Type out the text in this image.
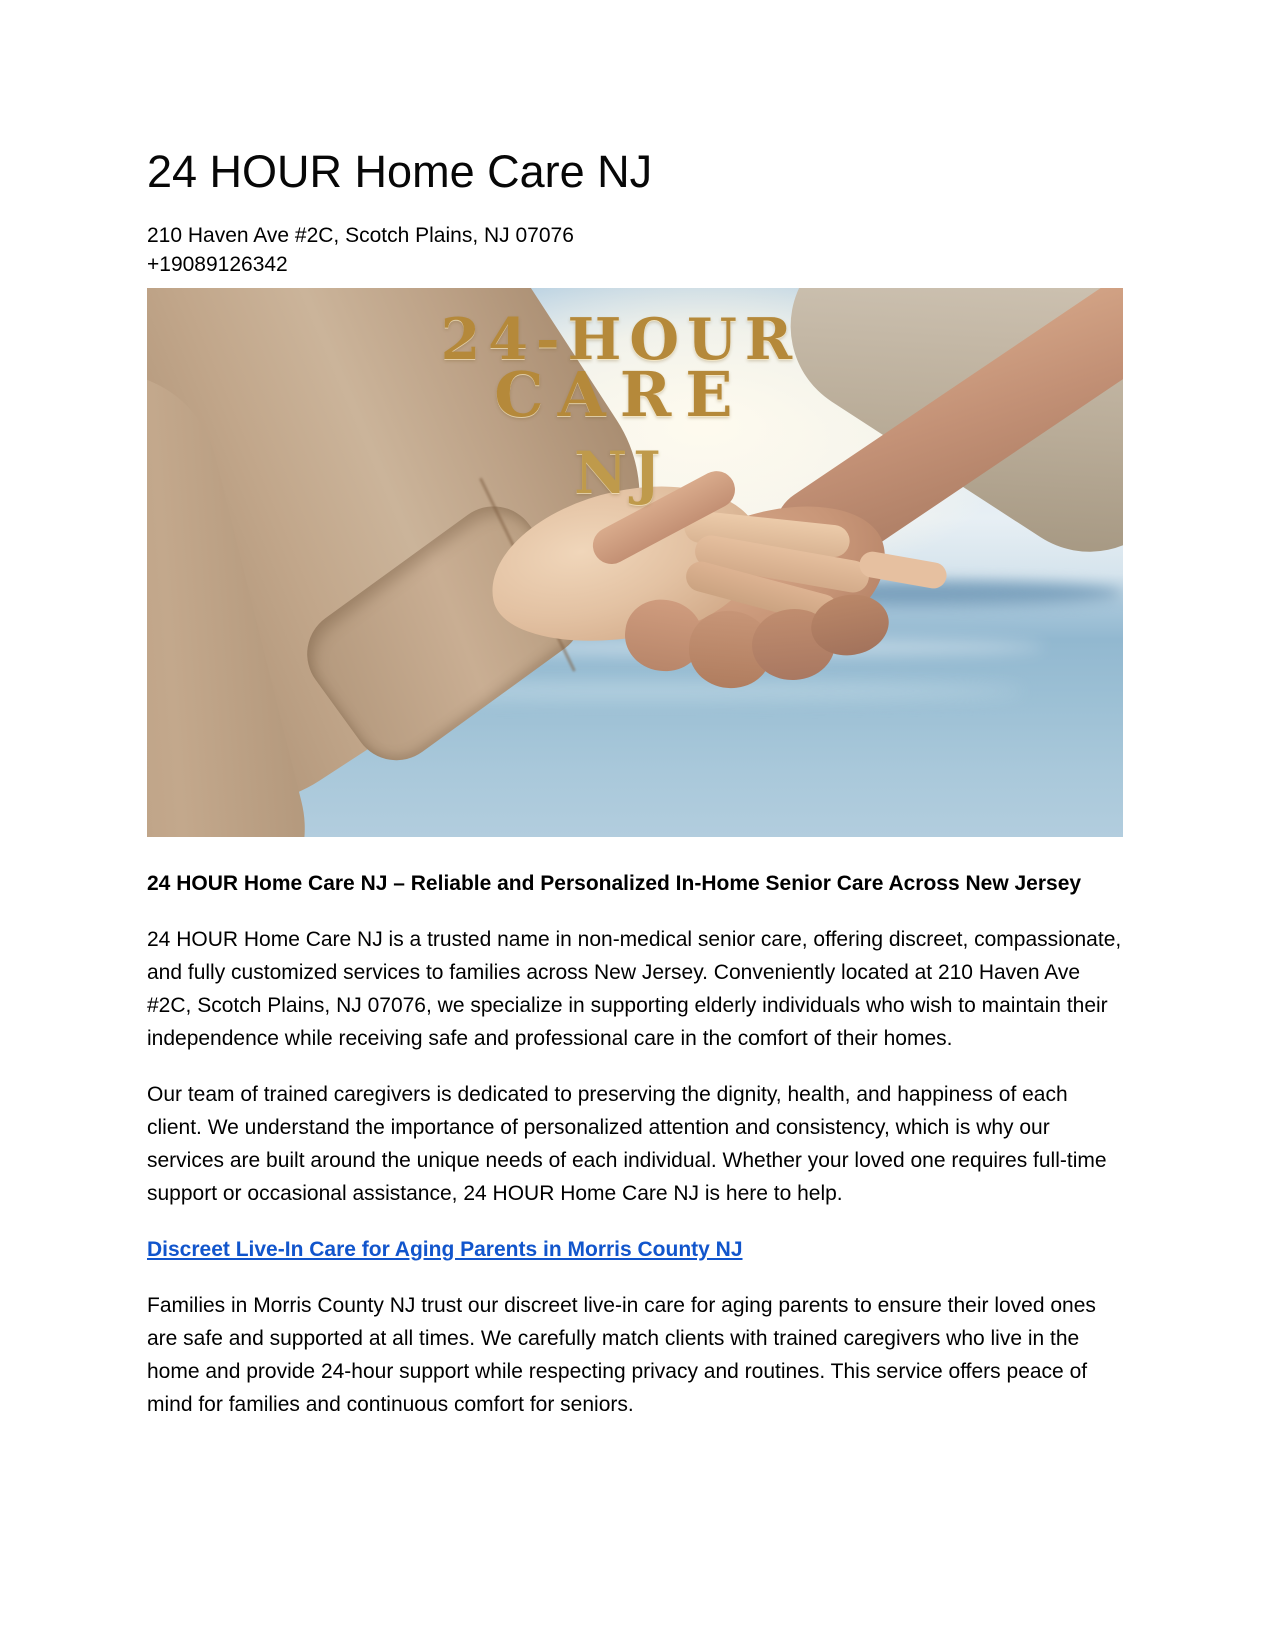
24 HOUR Home Care NJ
210 Haven Ave #2C, Scotch Plains, NJ 07076
+19089126342
24-HOUR
CARE
NJ
24 HOUR Home Care NJ – Reliable and Personalized In-Home Senior Care Across New Jersey

24 HOUR Home Care NJ is a trusted name in non-medical senior care, offering discreet, compassionate, and fully customized services to families across New Jersey. Conveniently located at 210 Haven Ave #2C, Scotch Plains, NJ 07076, we specialize in supporting elderly individuals who wish to maintain their independence while receiving safe and professional care in the comfort of their homes.

Our team of trained caregivers is dedicated to preserving the dignity, health, and happiness of each client. We understand the importance of personalized attention and consistency, which is why our services are built around the unique needs of each individual. Whether your loved one requires full-time support or occasional assistance, 24 HOUR Home Care NJ is here to help.

Discreet Live-In Care for Aging Parents in Morris County NJ

Families in Morris County NJ trust our discreet live-in care for aging parents to ensure their loved ones are safe and supported at all times. We carefully match clients with trained caregivers who live in the home and provide 24-hour support while respecting privacy and routines. This service offers peace of mind for families and continuous comfort for seniors.
